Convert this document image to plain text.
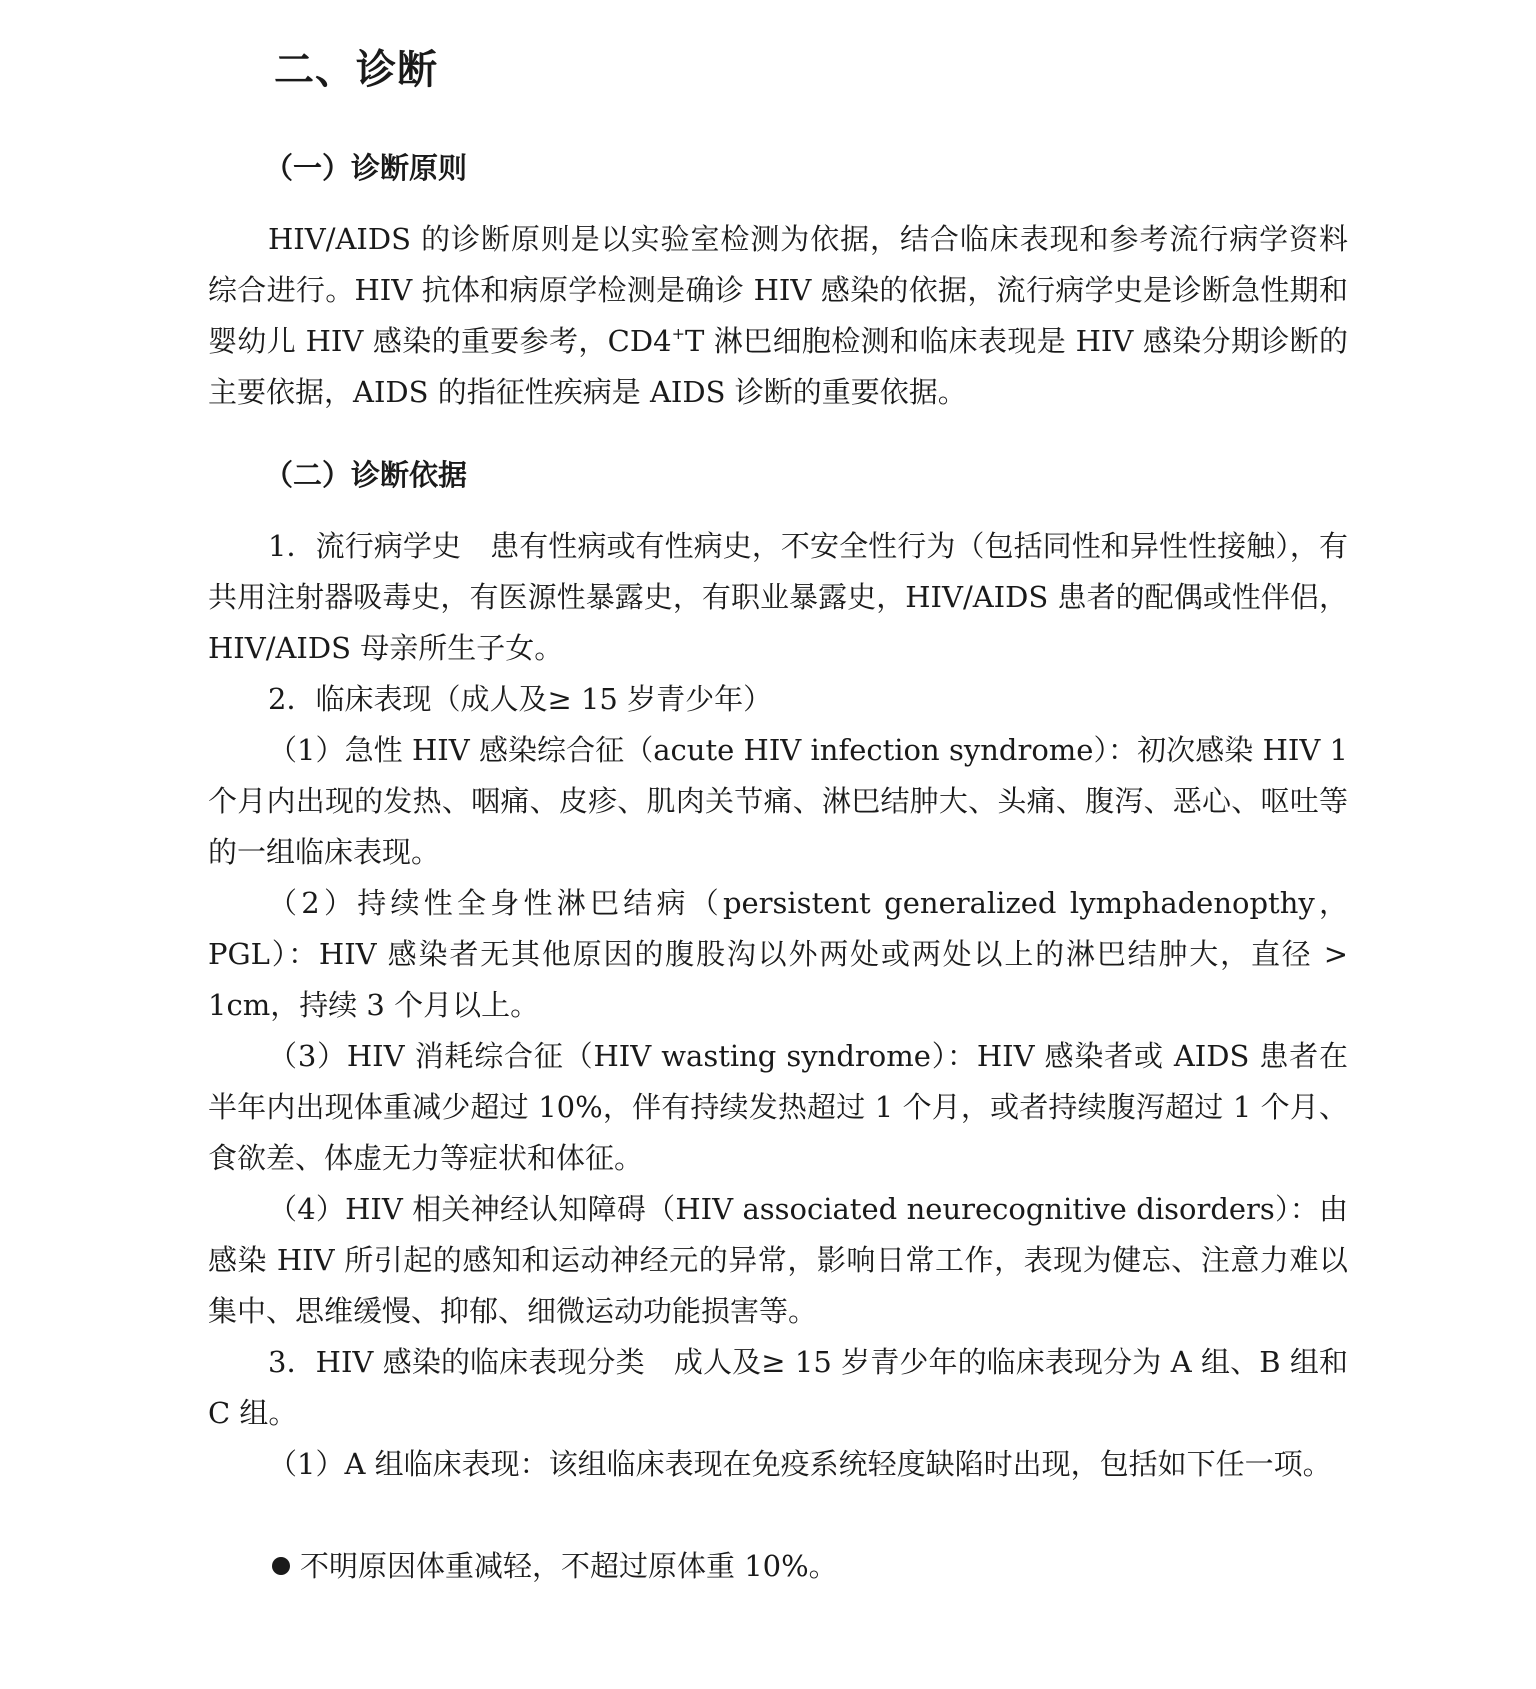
二、诊断
（一）诊断原则

HIV/AIDS 的诊断原则是以实验室检测为依据，结合临床表现和参考流行病学资料综合进行。HIV 抗体和病原学检测是确诊 HIV 感染的依据，流行病学史是诊断急性期和婴幼儿 HIV 感染的重要参考，CD4+T 淋巴细胞检测和临床表现是 HIV 感染分期诊断的主要依据，AIDS 的指征性疾病是 AIDS 诊断的重要依据。

（二）诊断依据

1．流行病学史　患有性病或有性病史，不安全性行为（包括同性和异性性接触），有共用注射器吸毒史，有医源性暴露史，有职业暴露史，HIV/AIDS 患者的配偶或性伴侣，HIV/AIDS 母亲所生子女。

2．临床表现（成人及≥ 15 岁青少年）

（1）急性 HIV 感染综合征（acute HIV infection syndrome）：初次感染 HIV 1 个月内出现的发热、咽痛、皮疹、肌肉关节痛、淋巴结肿大、头痛、腹泻、恶心、呕吐等的一组临床表现。

（2）持续性全身性淋巴结病（persistent generalized lymphadenopthy，PGL）：HIV 感染者无其他原因的腹股沟以外两处或两处以上的淋巴结肿大，直径 > 1cm，持续 3 个月以上。

（3）HIV 消耗综合征（HIV wasting syndrome）：HIV 感染者或 AIDS 患者在半年内出现体重减少超过 10%，伴有持续发热超过 1 个月，或者持续腹泻超过 1 个月、食欲差、体虚无力等症状和体征。

（4）HIV 相关神经认知障碍（HIV associated neurecognitive disorders）：由感染 HIV 所引起的感知和运动神经元的异常，影响日常工作，表现为健忘、注意力难以集中、思维缓慢、抑郁、细微运动功能损害等。

3．HIV 感染的临床表现分类　成人及≥ 15 岁青少年的临床表现分为 A 组、B 组和 C 组。

（1）A 组临床表现：该组临床表现在免疫系统轻度缺陷时出现，包括如下任一项。

不明原因体重减轻，不超过原体重 10%。
